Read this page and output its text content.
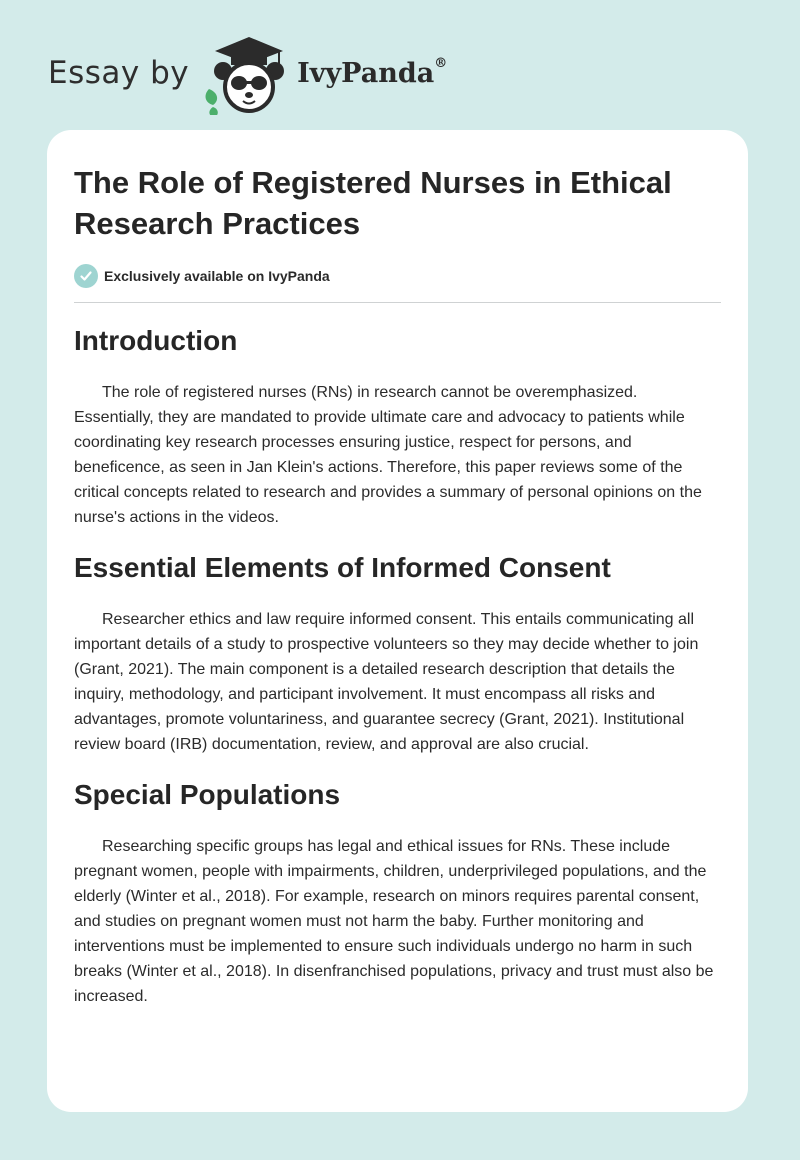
Essay by	IvyPanda®
The Role of Registered Nurses in Ethical Research Practices
Exclusively available on IvyPanda
Introduction

The role of registered nurses (RNs) in research cannot be overemphasized. Essentially, they are mandated to provide ultimate care and advocacy to patients while coordinating key research processes ensuring justice, respect for persons, and beneficence, as seen in Jan Klein's actions. Therefore, this paper reviews some of the critical concepts related to research and provides a summary of personal opinions on the nurse's actions in the videos.

Essential Elements of Informed Consent

Researcher ethics and law require informed consent. This entails communicating all important details of a study to prospective volunteers so they may decide whether to join (Grant, 2021). The main component is a detailed research description that details the inquiry, methodology, and participant involvement. It must encompass all risks and advantages, promote voluntariness, and guarantee secrecy (Grant, 2021). Institutional review board (IRB) documentation, review, and approval are also crucial.

Special Populations

Researching specific groups has legal and ethical issues for RNs. These include pregnant women, people with impairments, children, underprivileged populations, and the elderly (Winter et al., 2018). For example, research on minors requires parental consent, and studies on pregnant women must not harm the baby. Further monitoring and interventions must be implemented to ensure such individuals undergo no harm in such breaks (Winter et al., 2018). In disenfranchised populations, privacy and trust must also be increased.
